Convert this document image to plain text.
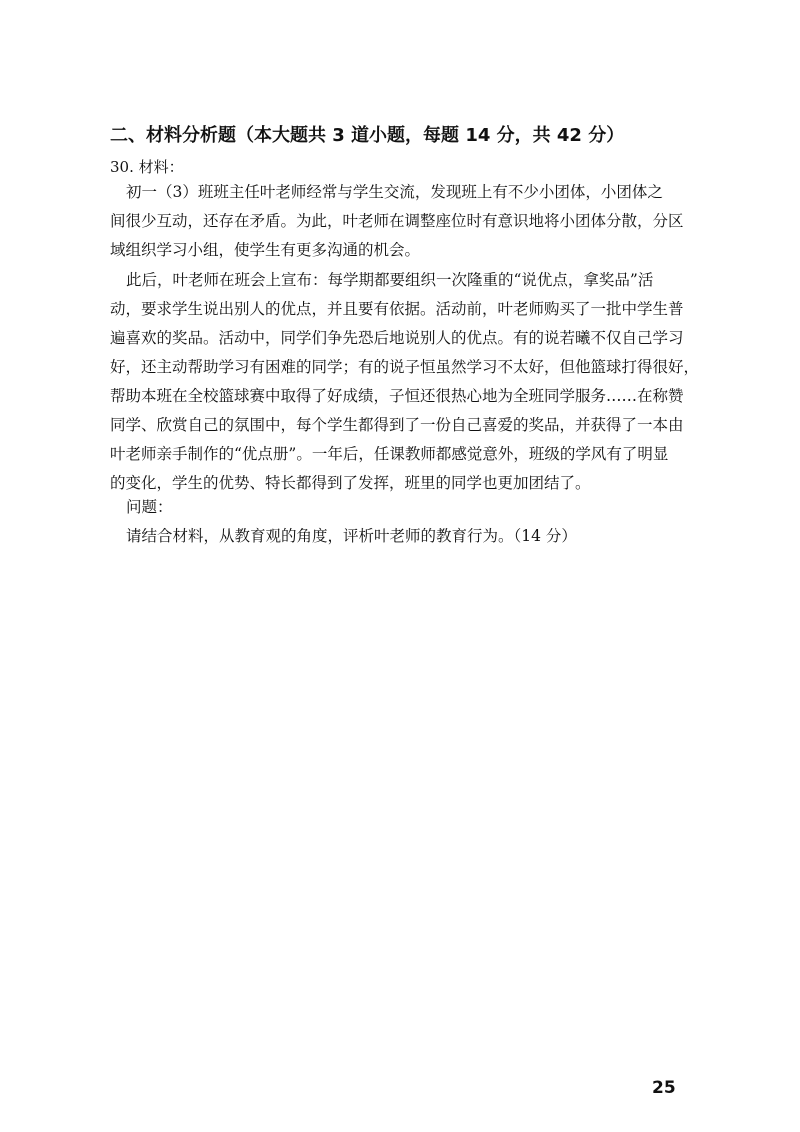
二、材料分析题（本大题共 3 道小题，每题 14 分，共 42 分）
30. 材料：
初一（3）班班主任叶老师经常与学生交流，发现班上有不少小团体，小团体之
间很少互动，还存在矛盾。为此，叶老师在调整座位时有意识地将小团体分散，分区
域组织学习小组，使学生有更多沟通的机会。
此后，叶老师在班会上宣布：每学期都要组织一次隆重的“说优点，拿奖品”活
动，要求学生说出别人的优点，并且要有依据。活动前，叶老师购买了一批中学生普
遍喜欢的奖品。活动中，同学们争先恐后地说别人的优点。有的说若曦不仅自己学习
好，还主动帮助学习有困难的同学；有的说子恒虽然学习不太好，但他篮球打得很好，
帮助本班在全校篮球赛中取得了好成绩，子恒还很热心地为全班同学服务……在称赞
同学、欣赏自己的氛围中，每个学生都得到了一份自己喜爱的奖品，并获得了一本由
叶老师亲手制作的“优点册”。一年后，任课教师都感觉意外，班级的学风有了明显
的变化，学生的优势、特长都得到了发挥，班里的同学也更加团结了。
问题：
请结合材料，从教育观的角度，评析叶老师的教育行为。（14 分）
25
